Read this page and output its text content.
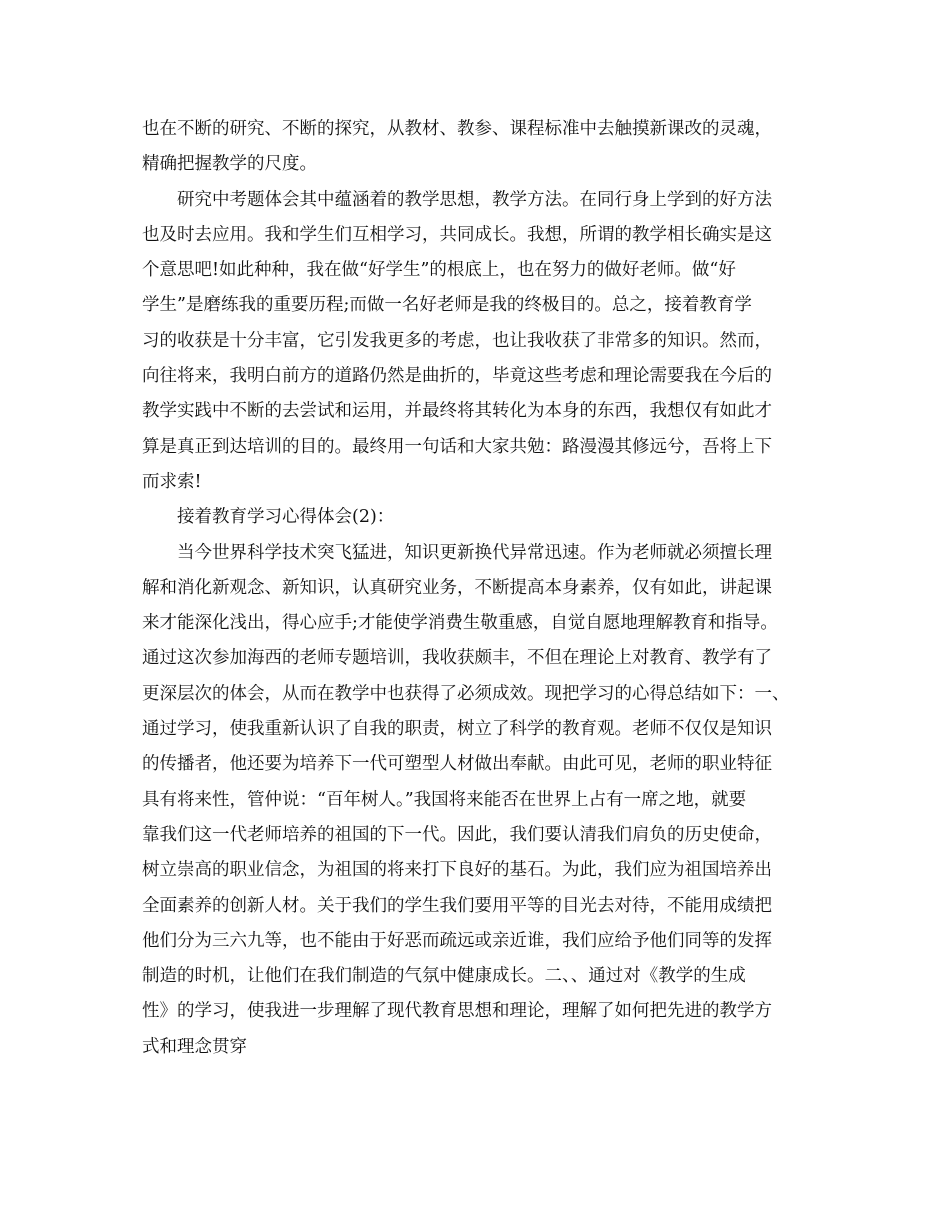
也在不断的研究、不断的探究，从教材、教参、课程标准中去触摸新课改的灵魂，
精确把握教学的尺度。
研究中考题体会其中蕴涵着的教学思想，教学方法。在同行身上学到的好方法
也及时去应用。我和学生们互相学习，共同成长。我想，所谓的教学相长确实是这
个意思吧!如此种种，我在做“好学生”的根底上，也在努力的做好老师。做“好
学生”是磨练我的重要历程;而做一名好老师是我的终极目的。总之，接着教育学
习的收获是十分丰富，它引发我更多的考虑，也让我收获了非常多的知识。然而，
向往将来，我明白前方的道路仍然是曲折的，毕竟这些考虑和理论需要我在今后的
教学实践中不断的去尝试和运用，并最终将其转化为本身的东西，我想仅有如此才
算是真正到达培训的目的。最终用一句话和大家共勉：路漫漫其修远兮，吾将上下
而求索!
接着教育学习心得体会(2)：
当今世界科学技术突飞猛进，知识更新换代异常迅速。作为老师就必须擅长理
解和消化新观念、新知识，认真研究业务，不断提高本身素养，仅有如此，讲起课
来才能深化浅出，得心应手;才能使学消费生敬重感，自觉自愿地理解教育和指导。
通过这次参加海西的老师专题培训，我收获颇丰，不但在理论上对教育、教学有了
更深层次的体会，从而在教学中也获得了必须成效。现把学习的心得总结如下：一、
通过学习，使我重新认识了自我的职责，树立了科学的教育观。老师不仅仅是知识
的传播者，他还要为培养下一代可塑型人材做出奉献。由此可见，老师的职业特征
具有将来性，管仲说：“百年树人。”我国将来能否在世界上占有一席之地，就要
靠我们这一代老师培养的祖国的下一代。因此，我们要认清我们肩负的历史使命，
树立崇高的职业信念，为祖国的将来打下良好的基石。为此，我们应为祖国培养出
全面素养的创新人材。关于我们的学生我们要用平等的目光去对待，不能用成绩把
他们分为三六九等，也不能由于好恶而疏远或亲近谁，我们应给予他们同等的发挥
制造的时机，让他们在我们制造的气氛中健康成长。二、、通过对《教学的生成
性》的学习，使我进一步理解了现代教育思想和理论，理解了如何把先进的教学方
式和理念贯穿
